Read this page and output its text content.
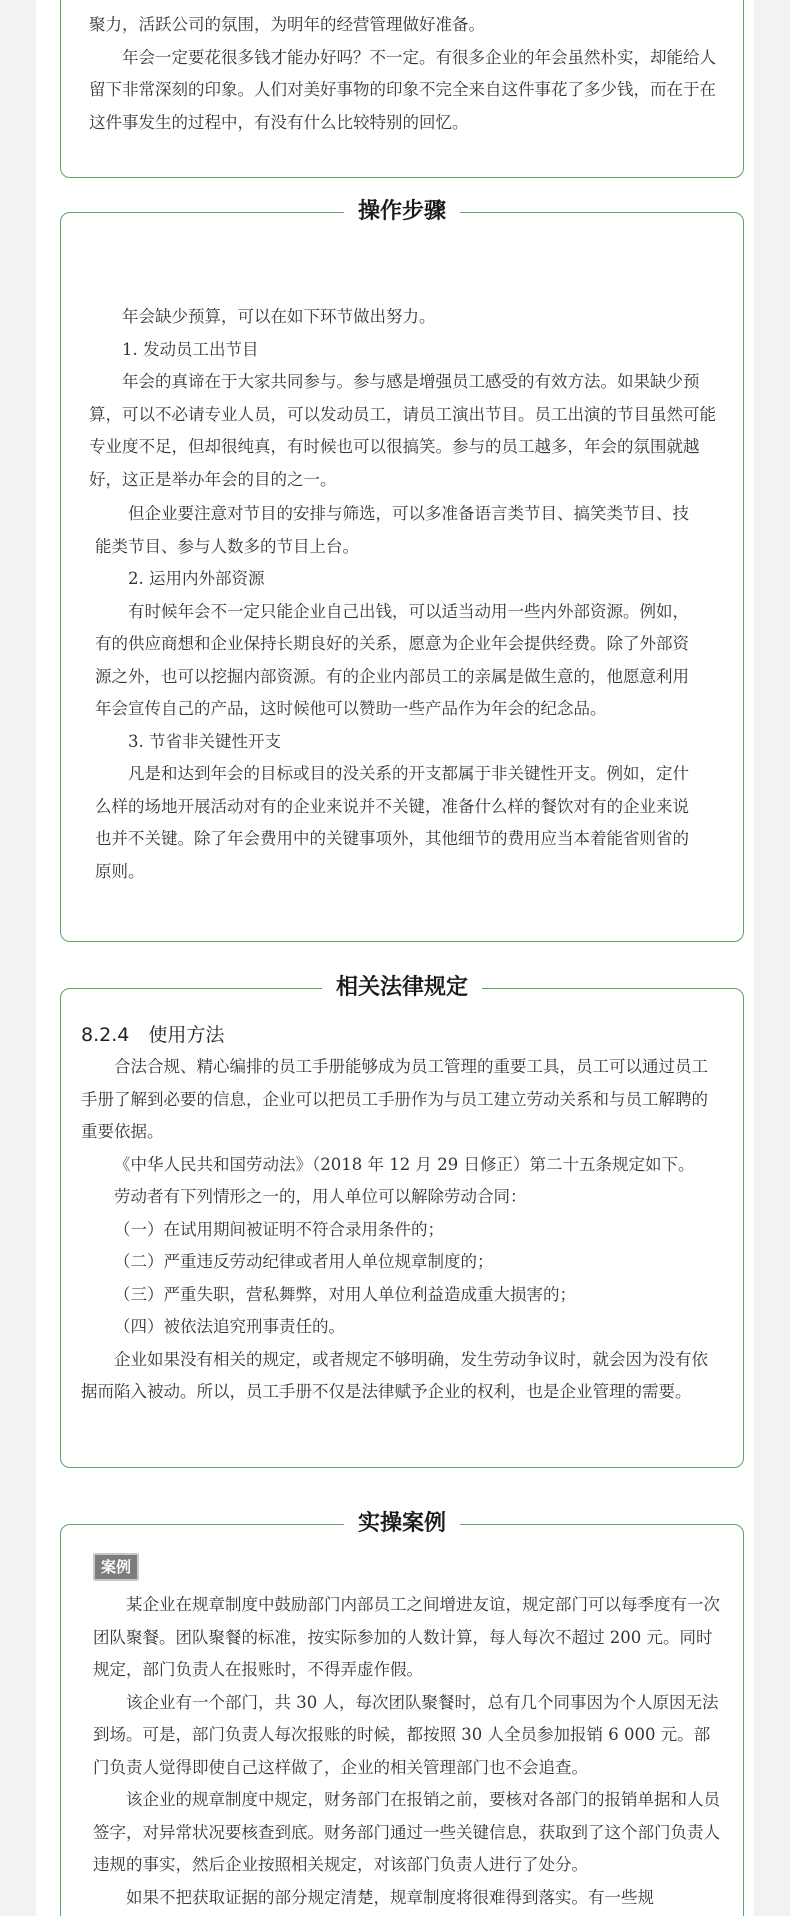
聚力，活跃公司的氛围，为明年的经营管理做好准备。

年会一定要花很多钱才能办好吗？不一定。有很多企业的年会虽然朴实，却能给人留下非常深刻的印象。人们对美好事物的印象不完全来自这件事花了多少钱，而在于在这件事发生的过程中，有没有什么比较特别的回忆。

操作步骤

年会缺少预算，可以在如下环节做出努力。

1. 发动员工出节目

年会的真谛在于大家共同参与。参与感是增强员工感受的有效方法。如果缺少预算，可以不必请专业人员，可以发动员工，请员工演出节目。员工出演的节目虽然可能专业度不足，但却很纯真，有时候也可以很搞笑。参与的员工越多，年会的氛围就越好，这正是举办年会的目的之一。

但企业要注意对节目的安排与筛选，可以多准备语言类节目、搞笑类节目、技能类节目、参与人数多的节目上台。

2. 运用内外部资源

有时候年会不一定只能企业自己出钱，可以适当动用一些内外部资源。例如，有的供应商想和企业保持长期良好的关系，愿意为企业年会提供经费。除了外部资源之外，也可以挖掘内部资源。有的企业内部员工的亲属是做生意的，他愿意利用年会宣传自己的产品，这时候他可以赞助一些产品作为年会的纪念品。

3. 节省非关键性开支

凡是和达到年会的目标或目的没关系的开支都属于非关键性开支。例如，定什么样的场地开展活动对有的企业来说并不关键，准备什么样的餐饮对有的企业来说也并不关键。除了年会费用中的关键事项外，其他细节的费用应当本着能省则省的原则。

相关法律规定
8.2.4　使用方法

合法合规、精心编排的员工手册能够成为员工管理的重要工具，员工可以通过员工手册了解到必要的信息，企业可以把员工手册作为与员工建立劳动关系和与员工解聘的重要依据。

《中华人民共和国劳动法》（2018 年 12 月 29 日修正）第二十五条规定如下。

劳动者有下列情形之一的，用人单位可以解除劳动合同：

（一）在试用期间被证明不符合录用条件的；

（二）严重违反劳动纪律或者用人单位规章制度的；

（三）严重失职，营私舞弊，对用人单位利益造成重大损害的；

（四）被依法追究刑事责任的。

企业如果没有相关的规定，或者规定不够明确，发生劳动争议时，就会因为没有依据而陷入被动。所以，员工手册不仅是法律赋予企业的权利，也是企业管理的需要。

实操案例
案例

某企业在规章制度中鼓励部门内部员工之间增进友谊，规定部门可以每季度有一次团队聚餐。团队聚餐的标准，按实际参加的人数计算，每人每次不超过 200 元。同时规定，部门负责人在报账时，不得弄虚作假。

该企业有一个部门，共 30 人，每次团队聚餐时，总有几个同事因为个人原因无法到场。可是，部门负责人每次报账的时候，都按照 30 人全员参加报销 6 000 元。部门负责人觉得即使自己这样做了，企业的相关管理部门也不会追查。

该企业的规章制度中规定，财务部门在报销之前，要核对各部门的报销单据和人员签字，对异常状况要核查到底。财务部门通过一些关键信息，获取到了这个部门负责人违规的事实，然后企业按照相关规定，对该部门负责人进行了处分。

如果不把获取证据的部分规定清楚，规章制度将很难得到落实。有一些规
